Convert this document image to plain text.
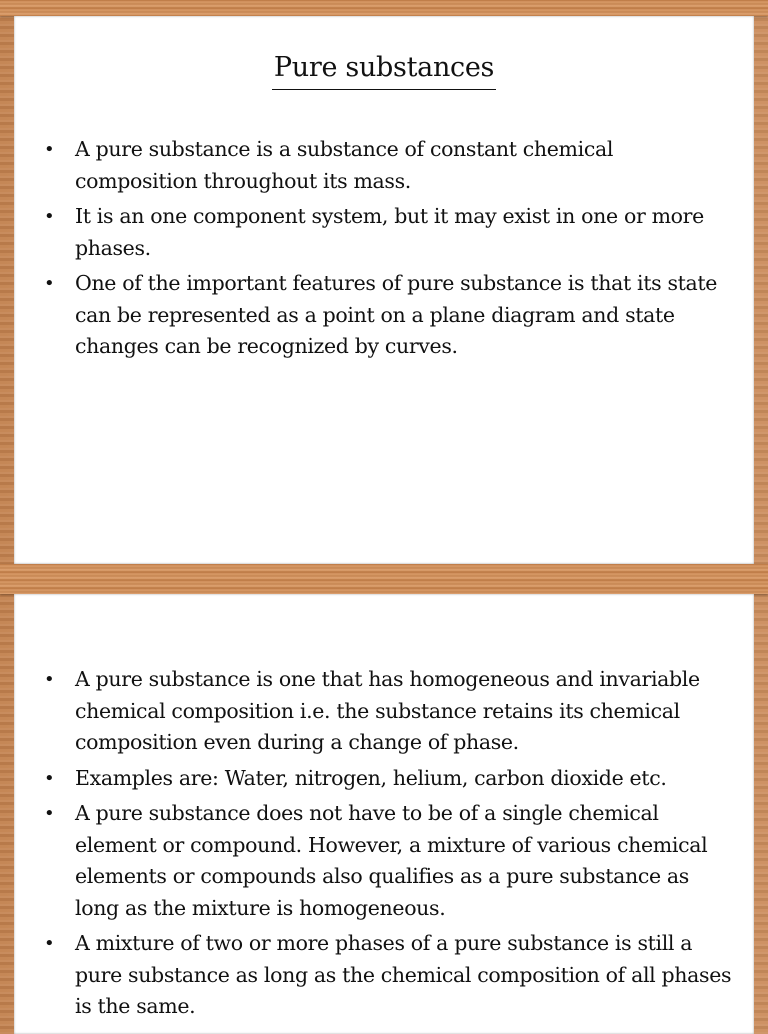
Pure substances
• A pure substance is a substance of constant chemical composition throughout its mass.
• It is an one component system, but it may exist in one or more phases.
• One of the important features of pure substance is that its state can be represented as a point on a plane diagram and state changes can be recognized by curves.
• A pure substance is one that has homogeneous and invariable chemical composition i.e. the substance retains its chemical composition even during a change of phase.
• Examples are: Water, nitrogen, helium, carbon dioxide etc.
• A pure substance does not have to be of a single chemical element or compound. However, a mixture of various chemical elements or compounds also qualifies as a pure substance as long as the mixture is homogeneous.
• A mixture of two or more phases of a pure substance is still a pure substance as long as the chemical composition of all phases is the same.
